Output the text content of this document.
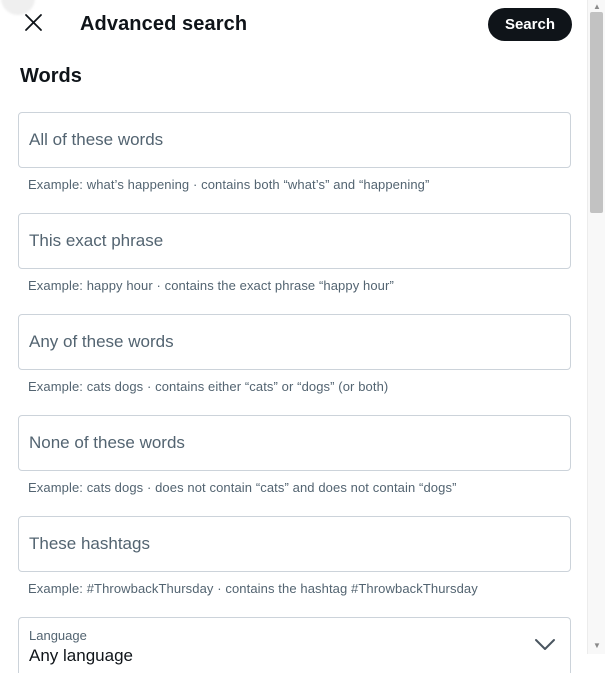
Advanced search	Search
Words
All of these words

Example: what’s happening · contains both “what’s” and “happening”

This exact phrase

Example: happy hour · contains the exact phrase “happy hour”

Any of these words

Example: cats dogs · contains either “cats” or “dogs” (or both)

None of these words

Example: cats dogs · does not contain “cats” and does not contain “dogs”

These hashtags

Example: #ThrowbackThursday · contains the hashtag #ThrowbackThursday

Language
Any language
▲
▼
